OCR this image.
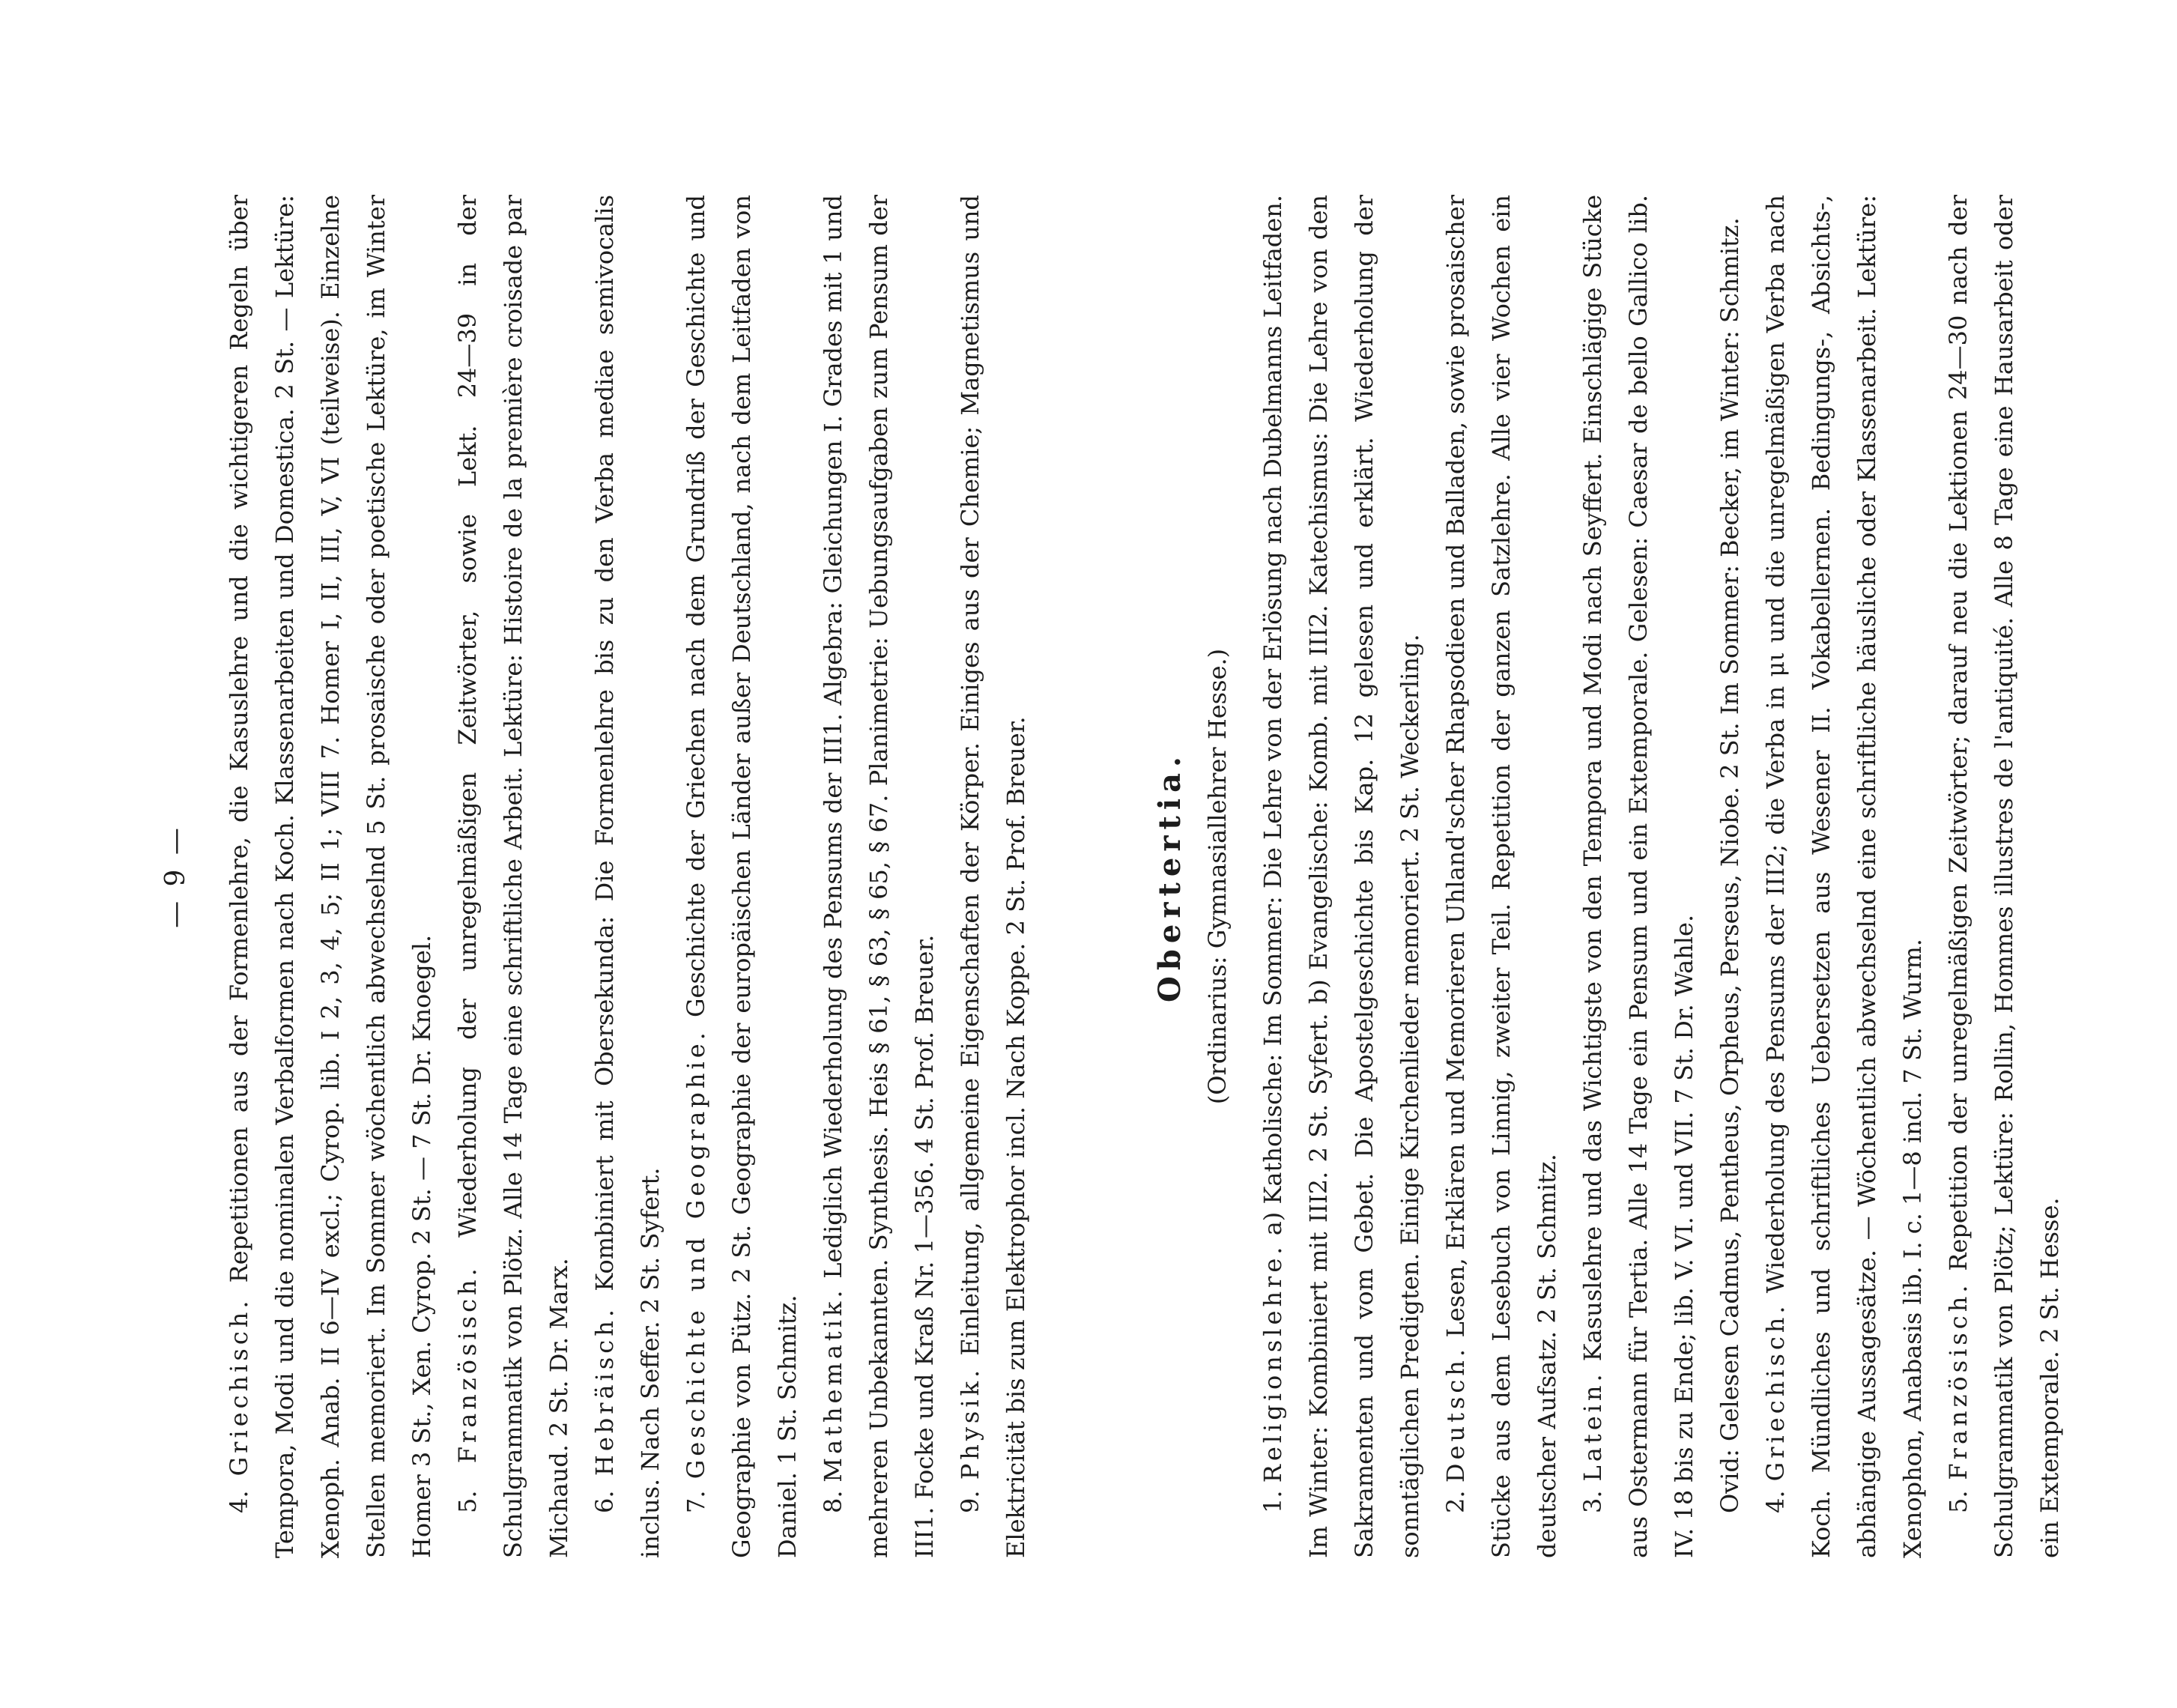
— 9 —

4. Griechisch. Repetitionen aus der Formenlehre, die Kasuslehre und die wichtigeren Regeln über Tempora, Modi und die nominalen Verbalformen nach Koch. Klassenarbeiten und Domestica. 2 St. — Lektüre: Xenoph. Anab. II 6—IV excl.; Cyrop. lib. I 2, 3, 4, 5; II 1; VIII 7. Homer I, II, III, V, VI (teilweise). Einzelne Stellen memoriert. Im Sommer wöchentlich abwechselnd 5 St. prosaische oder poetische Lektüre, im Winter Homer 3 St., Xen. Cyrop. 2 St. — 7 St. Dr. Knoegel. 5. Französisch. Wiederholung der unregelmäßigen Zeitwörter, sowie Lekt. 24—39 in der Schulgrammatik von Plötz. Alle 14 Tage eine schriftliche Arbeit. Lektüre: Histoire de la première croisade par Michaud. 2 St. Dr. Marx. 6. Hebräisch. Kombiniert mit Obersekunda: Die Formenlehre bis zu den Verba mediae semivocalis inclus. Nach Seffer. 2 St. Syfert. 7. Geschichte und Geographie. Geschichte der Griechen nach dem Grundriß der Geschichte und Geographie von Pütz. 2 St. Geographie der europäischen Länder außer Deutschland, nach dem Leitfaden von Daniel. 1 St. Schmitz. 8. Mathematik. Lediglich Wiederholung des Pensums der III1. Algebra: Gleichungen I. Grades mit 1 und mehreren Unbekannten. Synthesis. Heis § 61, § 63, § 65, § 67. Planimetrie: Uebungsaufgaben zum Pensum der III1. Focke und Kraß Nr. 1—356. 4 St. Prof. Breuer. 9. Physik. Einleitung, allgemeine Eigenschaften der Körper. Einiges aus der Chemie; Magnetismus und Elektricität bis zum Elektrophor incl. Nach Koppe. 2 St. Prof. Breuer.	Obertertia. (Ordinarius: Gymnasiallehrer Hesse.)

1. Religionslehre. a) Katholische: Im Sommer: Die Lehre von der Erlösung nach Dubelmanns Leitfaden. Im Winter: Kombiniert mit III2. 2 St. Syfert. b) Evangelische: Komb. mit III2. Katechismus: Die Lehre von den Sakramenten und vom Gebet. Die Apostelgeschichte bis Kap. 12 gelesen und erklärt. Wiederholung der sonntäglichen Predigten. Einige Kirchenlieder memoriert. 2 St. Weckerling. 2. Deutsch. Lesen, Erklären und Memorieren Uhland'scher Rhapsodieen und Balladen, sowie prosaischer Stücke aus dem Lesebuch von Linnig, zweiter Teil. Repetition der ganzen Satzlehre. Alle vier Wochen ein deutscher Aufsatz. 2 St. Schmitz. 3. Latein. Kasuslehre und das Wichtigste von den Tempora und Modi nach Seyffert. Einschlägige Stücke aus Ostermann für Tertia. Alle 14 Tage ein Pensum und ein Extemporale. Gelesen: Caesar de bello Gallico lib. IV. 18 bis zu Ende; lib. V. VI. und VII. 7 St. Dr. Wahle. Ovid: Gelesen Cadmus, Pentheus, Orpheus, Perseus, Niobe. 2 St. Im Sommer: Becker, im Winter: Schmitz. 4. Griechisch. Wiederholung des Pensums der III2; die Verba in μι und die unregelmäßigen Verba nach Koch. Mündliches und schriftliches Uebersetzen aus Wesener II. Vokabellernen. Bedingungs-, Absichts-, abhängige Aussagesätze. — Wöchentlich abwechselnd eine schriftliche häusliche oder Klassenarbeit. Lektüre: Xenophon, Anabasis lib. I. c. 1—8 incl. 7 St. Wurm. 5. Französisch. Repetition der unregelmäßigen Zeitwörter; darauf neu die Lektionen 24—30 nach der Schulgrammatik von Plötz; Lektüre: Rollin, Hommes illustres de l'antiquité. Alle 8 Tage eine Hausarbeit oder ein Extemporale. 2 St. Hesse.
